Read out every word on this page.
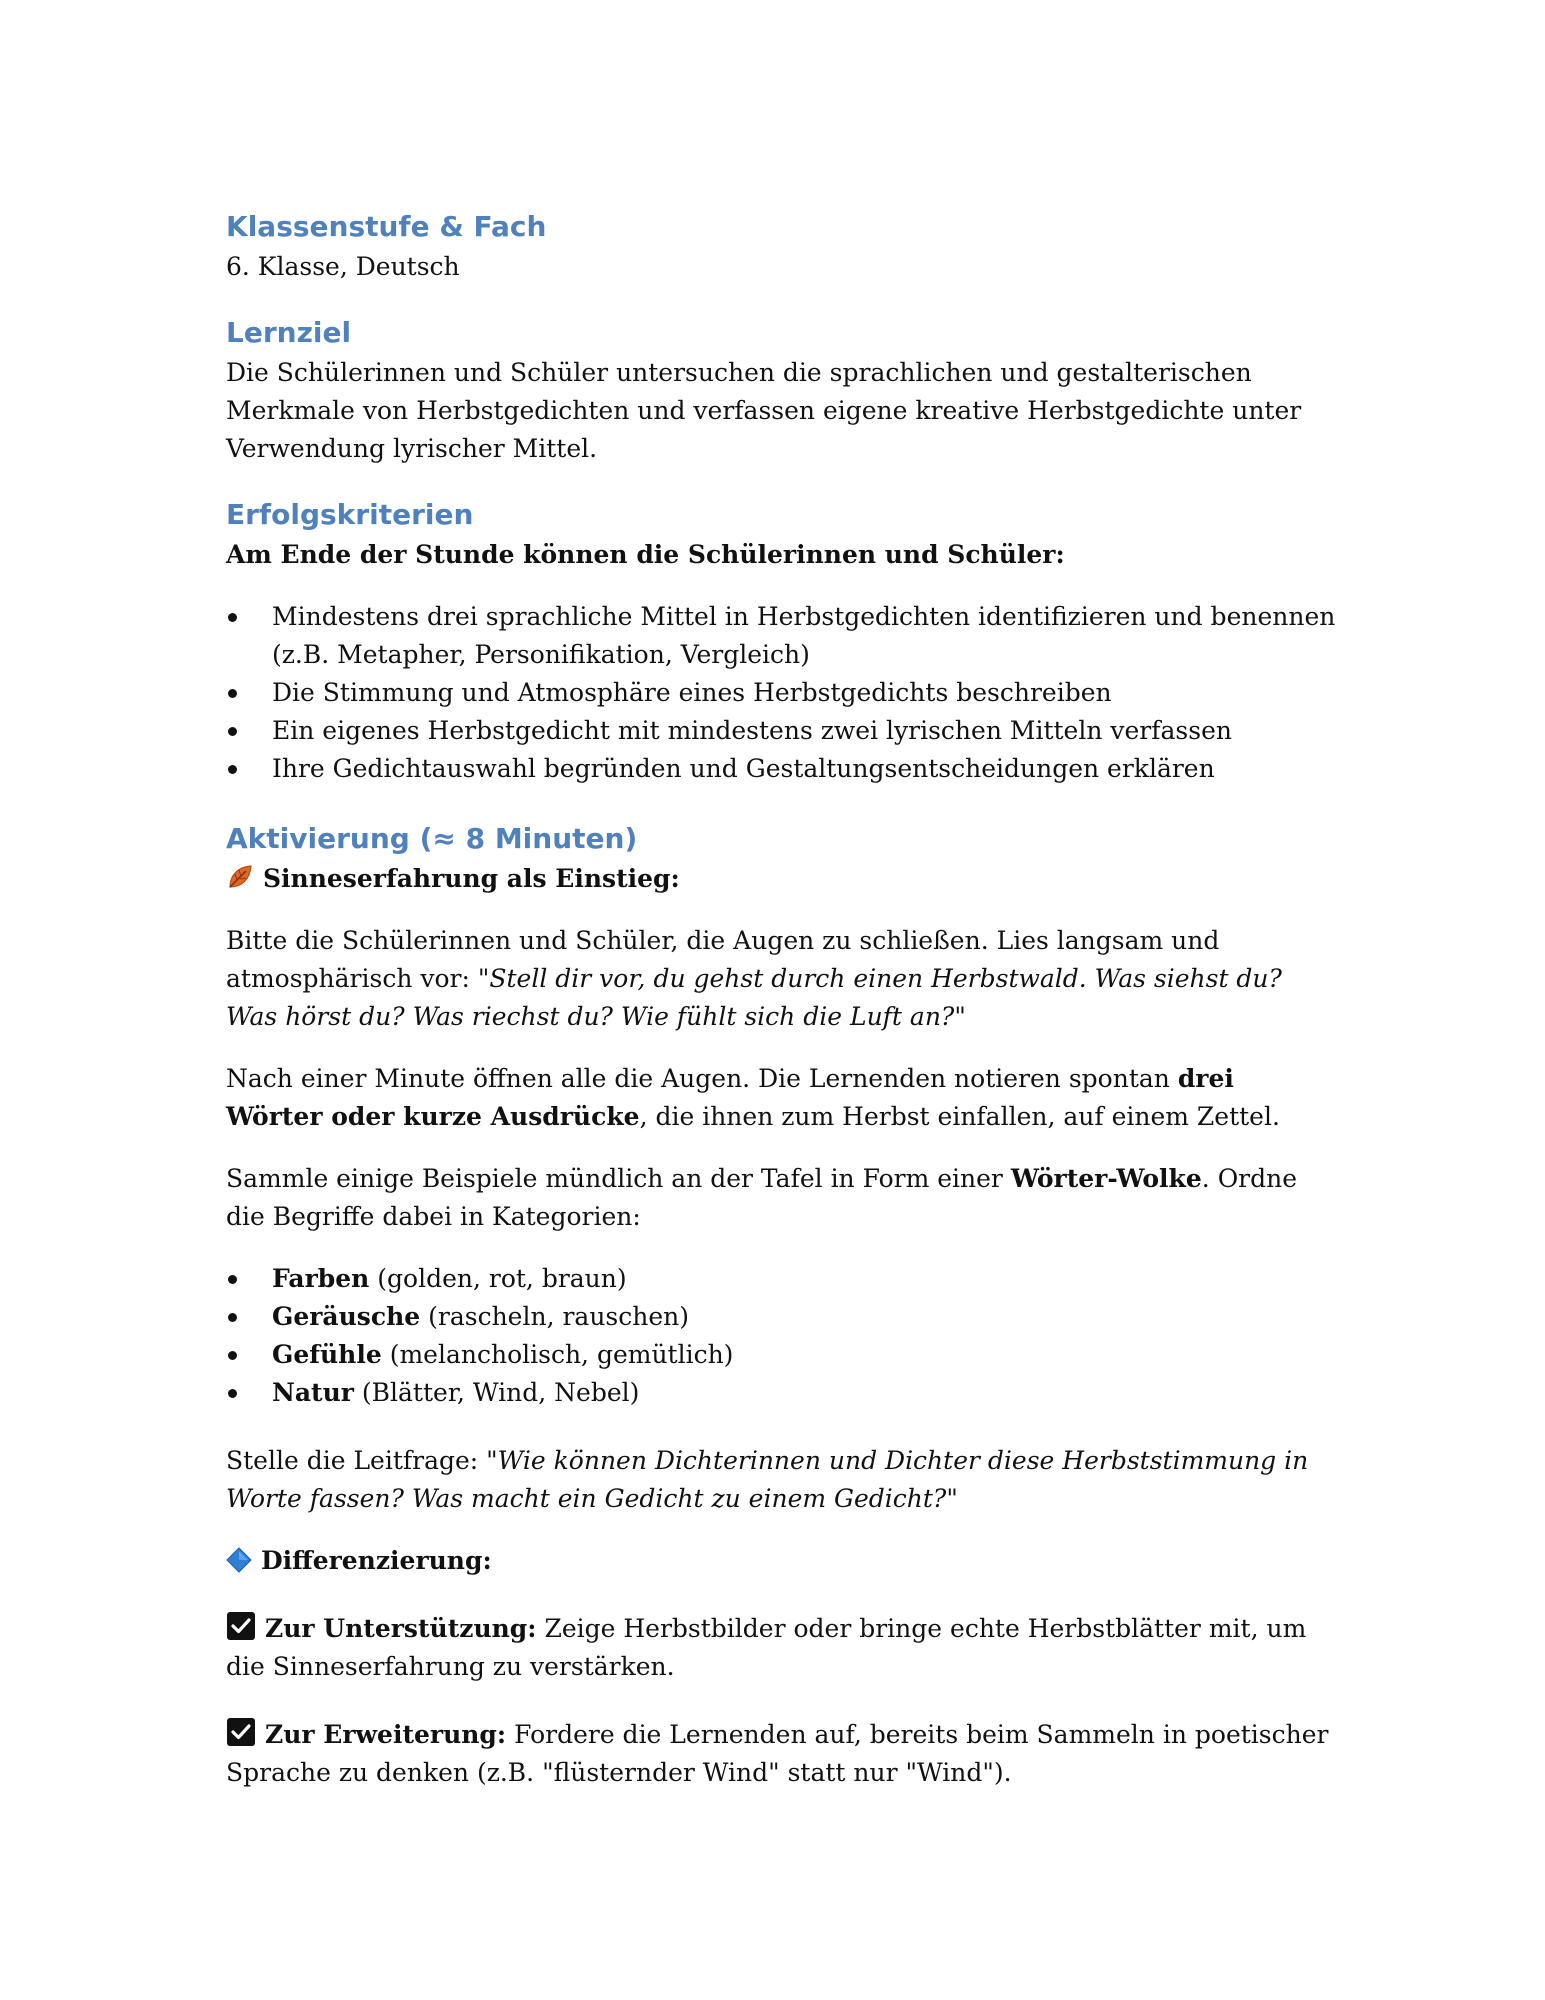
Klassenstufe & Fach

6. Klasse, Deutsch

Lernziel

Die Schülerinnen und Schüler untersuchen die sprachlichen und gestalterischen Merkmale von Herbstgedichten und verfassen eigene kreative Herbstgedichte unter Verwendung lyrischer Mittel.

Erfolgskriterien

Am Ende der Stunde können die Schülerinnen und Schüler:

Mindestens drei sprachliche Mittel in Herbstgedichten identifizieren und benennen (z.B. Metapher, Personifikation, Vergleich)
Die Stimmung und Atmosphäre eines Herbstgedichts beschreiben
Ein eigenes Herbstgedicht mit mindestens zwei lyrischen Mitteln verfassen
Ihre Gedichtauswahl begründen und Gestaltungsentscheidungen erklären
Aktivierung (≈ 8 Minuten)

Sinneserfahrung als Einstieg:

Bitte die Schülerinnen und Schüler, die Augen zu schließen. Lies langsam und atmosphärisch vor: "Stell dir vor, du gehst durch einen Herbstwald. Was siehst du? Was hörst du? Was riechst du? Wie fühlt sich die Luft an?"

Nach einer Minute öffnen alle die Augen. Die Lernenden notieren spontan drei Wörter oder kurze Ausdrücke, die ihnen zum Herbst einfallen, auf einem Zettel.

Sammle einige Beispiele mündlich an der Tafel in Form einer Wörter-Wolke. Ordne die Begriffe dabei in Kategorien:

Farben (golden, rot, braun)
Geräusche (rascheln, rauschen)
Gefühle (melancholisch, gemütlich)
Natur (Blätter, Wind, Nebel)

Stelle die Leitfrage: "Wie können Dichterinnen und Dichter diese Herbststimmung in Worte fassen? Was macht ein Gedicht zu einem Gedicht?"

Differenzierung:

Zur Unterstützung: Zeige Herbstbilder oder bringe echte Herbstblätter mit, um die Sinneserfahrung zu verstärken.

Zur Erweiterung: Fordere die Lernenden auf, bereits beim Sammeln in poetischer Sprache zu denken (z.B. "flüsternder Wind" statt nur "Wind").
